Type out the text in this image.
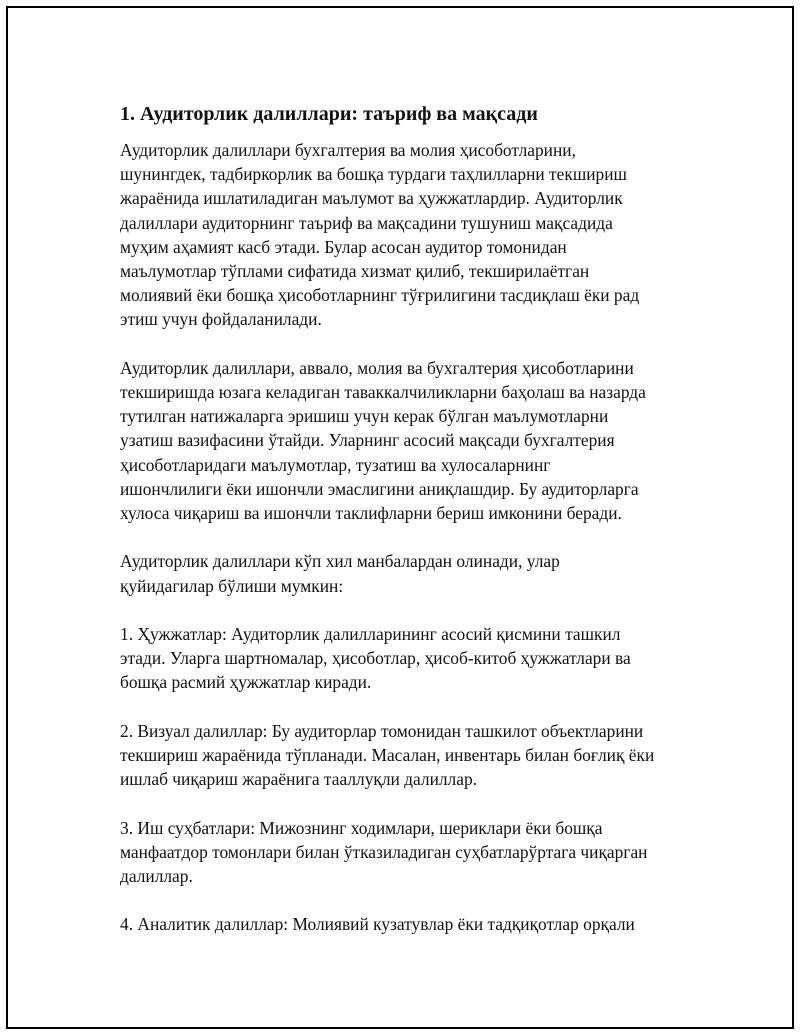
1. Аудиторлик далиллари: таъриф ва мақсади

Аудиторлик далиллари бухгалтерия ва молия ҳисоботларини,
шунингдек, тадбиркорлик ва бошқа турдаги таҳлилларни текшириш
жараёнида ишлатиладиган маълумот ва ҳужжатлардир. Аудиторлик
далиллари аудиторнинг таъриф ва мақсадини тушуниш мақсадида
муҳим аҳамият касб этади. Булар асосан аудитор томонидан
маълумотлар тўплами сифатида хизмат қилиб, текширилаётган
молиявий ёки бошқа ҳисоботларнинг тўғрилигини тасдиқлаш ёки рад
этиш учун фойдаланилади.

Аудиторлик далиллари, аввало, молия ва бухгалтерия ҳисоботларини
текширишда юзага келадиган таваккалчиликларни баҳолаш ва назарда
тутилган натижаларга эришиш учун керак бўлган маълумотларни
узатиш вазифасини ўтайди. Уларнинг асосий мақсади бухгалтерия
ҳисоботларидаги маълумотлар, тузатиш ва хулосаларнинг
ишончлилиги ёки ишончли эмаслигини аниқлашдир. Бу аудиторларга
хулоса чиқариш ва ишончли таклифларни бериш имконини беради.

Аудиторлик далиллари кўп хил манбалардан олинади, улар
қуйидагилар бўлиши мумкин:

1. Ҳужжатлар: Аудиторлик далилларининг асосий қисмини ташкил
этади. Уларга шартномалар, ҳисоботлар, ҳисоб-китоб ҳужжатлари ва
бошқа расмий ҳужжатлар киради.

2. Визуал далиллар: Бу аудиторлар томонидан ташкилот объектларини
текшириш жараёнида тўпланади. Масалан, инвентарь билан боғлиқ ёки
ишлаб чиқариш жараёнига тааллуқли далиллар.

3. Иш суҳбатлари: Мижознинг ходимлари, шериклари ёки бошқа
манфаатдор томонлари билан ўтказиладиган суҳбатларўртага чиқарган
далиллар.

4. Аналитик далиллар: Молиявий кузатувлар ёки тадқиқотлар орқали
